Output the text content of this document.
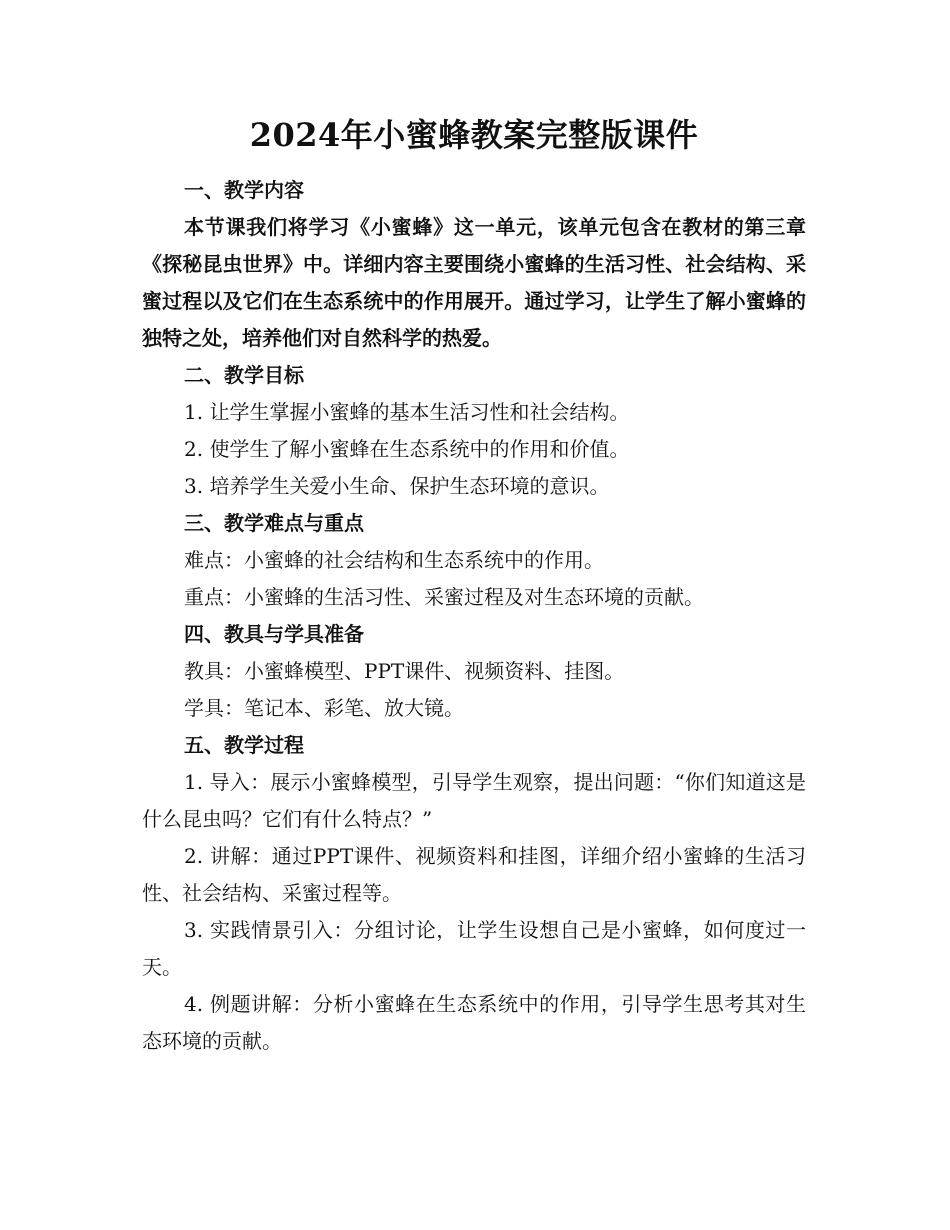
2024年小蜜蜂教案完整版课件

一、教学内容

本节课我们将学习《小蜜蜂》这一单元，该单元包含在教材的第三章《探秘昆虫世界》中。详细内容主要围绕小蜜蜂的生活习性、社会结构、采蜜过程以及它们在生态系统中的作用展开。通过学习，让学生了解小蜜蜂的独特之处，培养他们对自然科学的热爱。

二、教学目标

1. 让学生掌握小蜜蜂的基本生活习性和社会结构。

2. 使学生了解小蜜蜂在生态系统中的作用和价值。

3. 培养学生关爱小生命、保护生态环境的意识。

三、教学难点与重点

难点：小蜜蜂的社会结构和生态系统中的作用。

重点：小蜜蜂的生活习性、采蜜过程及对生态环境的贡献。

四、教具与学具准备

教具：小蜜蜂模型、PPT课件、视频资料、挂图。

学具：笔记本、彩笔、放大镜。

五、教学过程

1. 导入：展示小蜜蜂模型，引导学生观察，提出问题：“你们知道这是什么昆虫吗？它们有什么特点？”

2. 讲解：通过PPT课件、视频资料和挂图，详细介绍小蜜蜂的生活习性、社会结构、采蜜过程等。

3. 实践情景引入：分组讨论，让学生设想自己是小蜜蜂，如何度过一天。

4. 例题讲解：分析小蜜蜂在生态系统中的作用，引导学生思考其对生态环境的贡献。
